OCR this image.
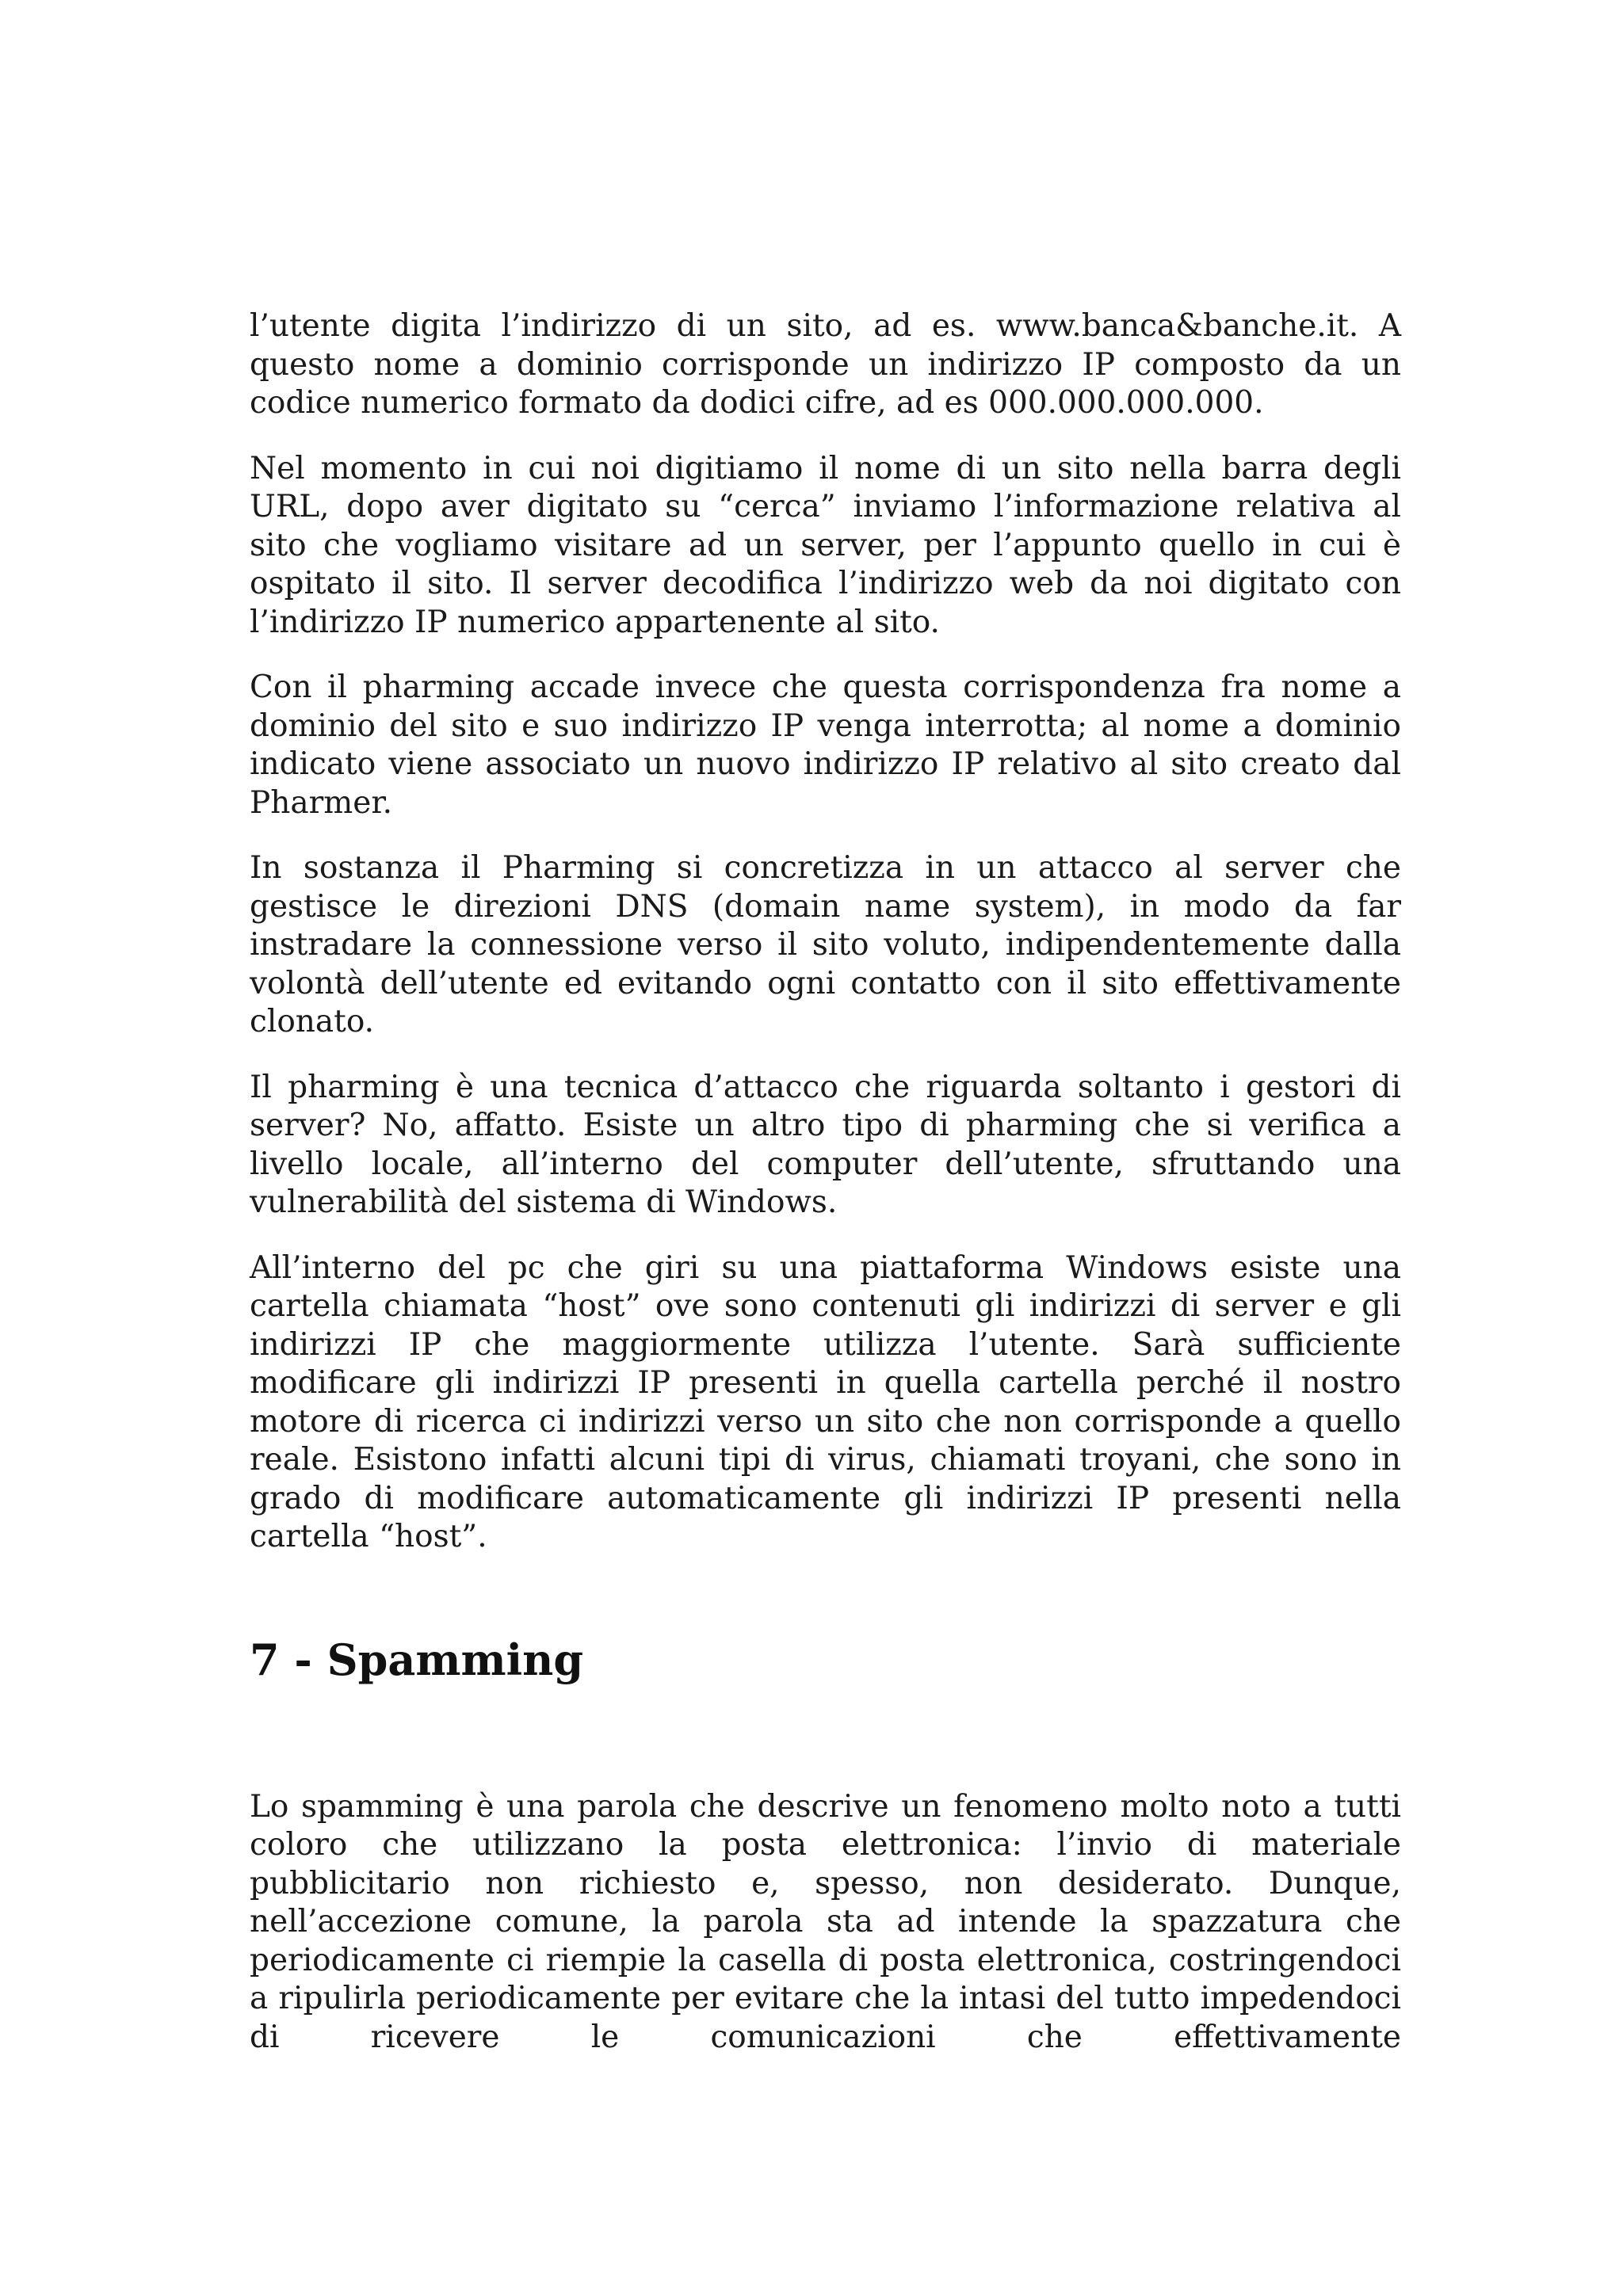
l’utente digita l’indirizzo di un sito, ad es. www.banca&banche.it. A questo nome a dominio corrisponde un indirizzo IP composto da un codice numerico formato da dodici cifre, ad es 000.000.000.000.

Nel momento in cui noi digitiamo il nome di un sito nella barra degli URL, dopo aver digitato su “cerca” inviamo l’informazione relativa al sito che vogliamo visitare ad un server, per l’appunto quello in cui è ospitato il sito. Il server decodifica l’indirizzo web da noi digitato con l’indirizzo IP numerico appartenente al sito.

Con il pharming accade invece che questa corrispondenza fra nome a dominio del sito e suo indirizzo IP venga interrotta; al nome a dominio indicato viene associato un nuovo indirizzo IP relativo al sito creato dal Pharmer.

In sostanza il Pharming si concretizza in un attacco al server che gestisce le direzioni DNS (domain name system), in modo da far instradare la connessione verso il sito voluto, indipendentemente dalla volontà dell’utente ed evitando ogni contatto con il sito effettivamente clonato.

Il pharming è una tecnica d’attacco che riguarda soltanto i gestori di server? No, affatto. Esiste un altro tipo di pharming che si verifica a livello locale, all’interno del computer dell’utente, sfruttando una vulnerabilità del sistema di Windows.

All’interno del pc che giri su una piattaforma Windows esiste una cartella chiamata “host” ove sono contenuti gli indirizzi di server e gli indirizzi IP che maggiormente utilizza l’utente. Sarà sufficiente modificare gli indirizzi IP presenti in quella cartella perché il nostro motore di ricerca ci indirizzi verso un sito che non corrisponde a quello reale. Esistono infatti alcuni tipi di virus, chiamati troyani, che sono in grado di modificare automaticamente gli indirizzi IP presenti nella cartella “host”.

7 - Spamming

Lo spamming è una parola che descrive un fenomeno molto noto a tutti coloro che utilizzano la posta elettronica: l’invio di materiale pubblicitario non richiesto e, spesso, non desiderato. Dunque, nell’accezione comune, la parola sta ad intende la spazzatura che periodicamente ci riempie la casella di posta elettronica, costringendoci a ripulirla periodicamente per evitare che la intasi del tutto impedendoci di ricevere le comunicazioni che effettivamente
